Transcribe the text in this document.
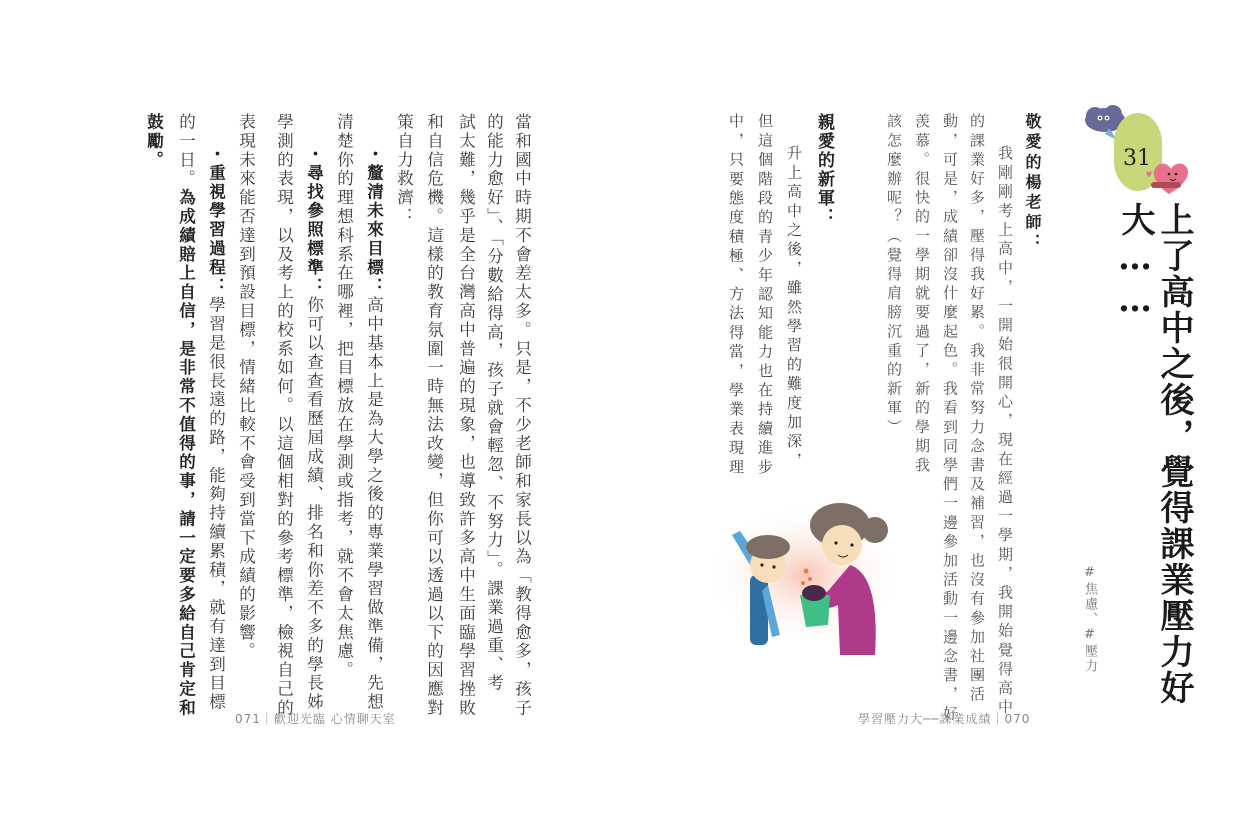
31
上了高中之後，覺得課業壓力好
大……
#焦慮、#壓力
敬愛的楊老師：
我剛剛考上高中，一開始很開心，現在經過一學期，我開始覺得高中
的課業好多，壓得我好累。我非常努力念書及補習，也沒有參加社團活
動，可是，成績卻沒什麼起色。我看到同學們一邊參加活動一邊念書，好
羡慕。很快的一學期就要過了，新的學期我
該怎麼辦呢？（覺得肩膀沉重的新軍）
親愛的新軍：
升上高中之後，雖然學習的難度加深，
但這個階段的青少年認知能力也在持續進步
中，只要態度積極、方法得當，學業表現理
學習壓力大──課業成績｜070
當和國中時期不會差太多。只是，不少老師和家長以為「教得愈多，孩子
的能力愈好」、「分數給得高，孩子就會輕忽、不努力」。課業過重、考
試太難，幾乎是全台灣高中普遍的現象，也導致許多高中生面臨學習挫敗
和自信危機。這樣的教育氛圍一時無法改變，但你可以透過以下的因應對
策自力救濟：
・釐清未來目標：高中基本上是為大學之後的專業學習做準備，先想
清楚你的理想科系在哪裡，把目標放在學測或指考，就不會太焦慮。
・尋找參照標準：你可以查查看歷屆成績、排名和你差不多的學長姊
學測的表現，以及考上的校系如何。以這個相對的參考標準，檢視自己的
表現未來能否達到預設目標，情緒比較不會受到當下成績的影響。
・重視學習過程：學習是很長遠的路，能夠持續累積，就有達到目標
的一日。為成績賠上自信，是非常不值得的事，請一定要多給自己肯定和
鼓勵。
071｜歡迎光臨 心情聊天室
